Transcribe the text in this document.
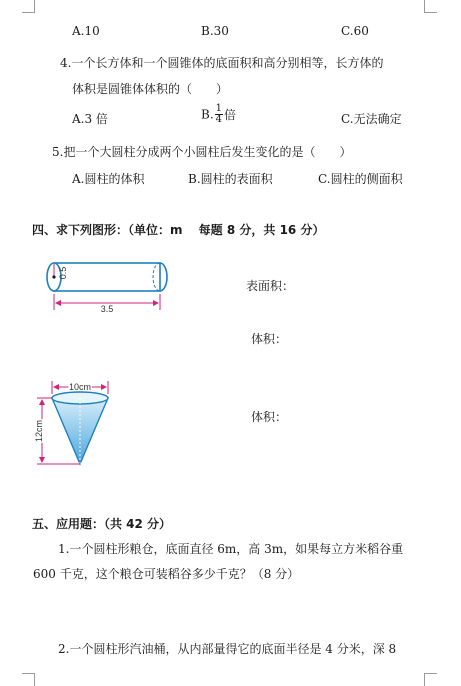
A.10	B.30	C.60
4.一个长方体和一个圆锥体的底面积和高分别相等，长方体的
体积是圆锥体体积的（　　）
A.3 倍	B. $\frac{1}{4}$ 倍	C.无法确定
5.把一个大圆柱分成两个小圆柱后发生变化的是（　　）
A.圆柱的体积	B.圆柱的表面积	C.圆柱的侧面积
四、求下列图形：（单位：m　 每题 8 分，共 16 分）
0.5
3.5
表面积：
体积：
10cm
12cm
体积：
五、应用题：（共 42 分）
1.一个圆柱形粮仓，底面直径 6m，高 3m，如果每立方米稻谷重
600 千克，这个粮仓可装稻谷多少千克？（8 分）
2.一个圆柱形汽油桶，从内部量得它的底面半径是 4 分米，深 8
